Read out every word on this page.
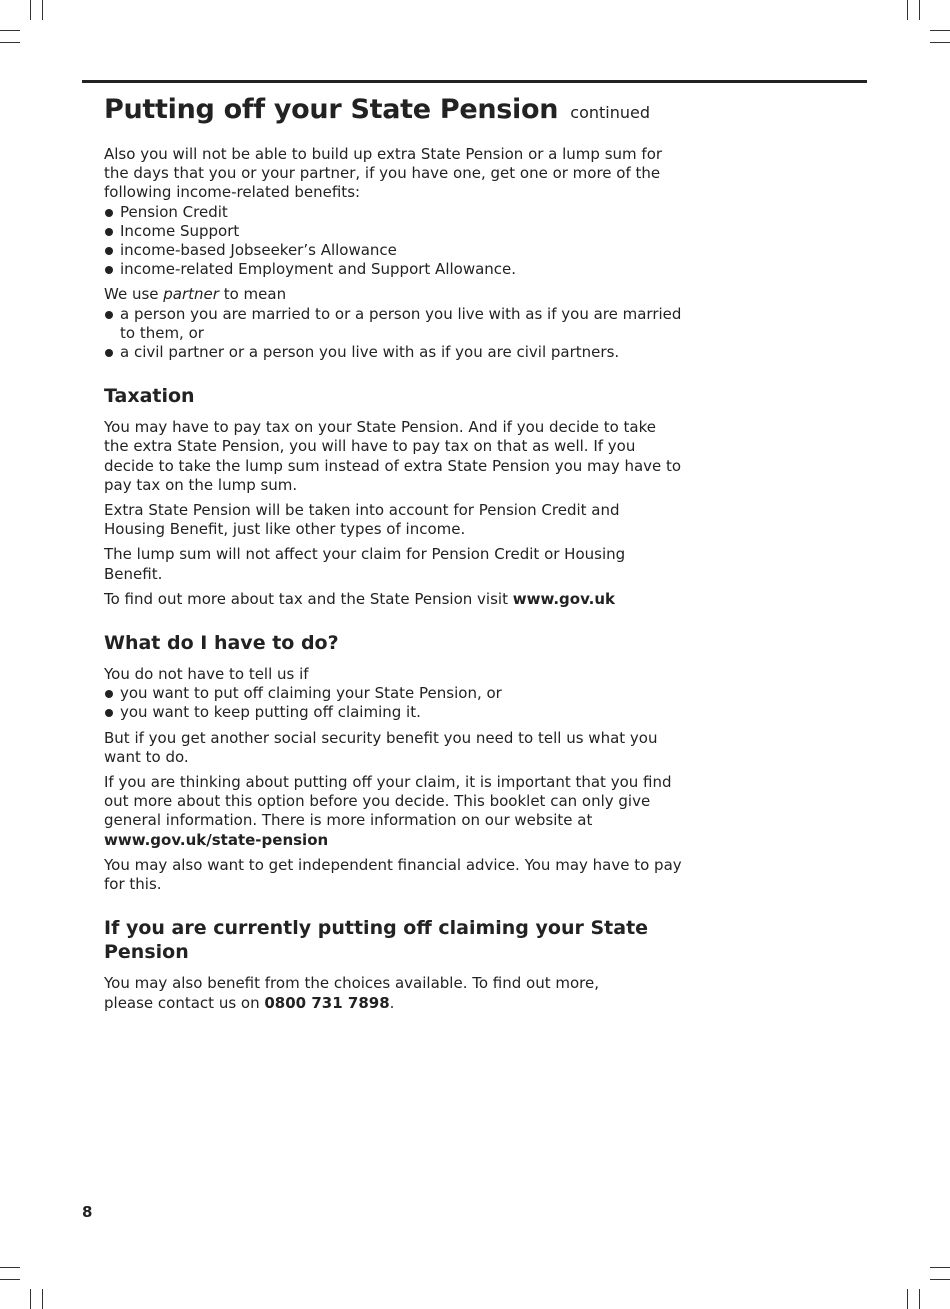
Putting off your State Pension continued

Also you will not be able to build up extra State Pension or a lump sum for the days that you or your partner, if you have one, get one or more of the following income-related benefits:

Pension Credit
Income Support
income-based Jobseeker’s Allowance
income-related Employment and Support Allowance.

We use partner to mean

a person you are married to or a person you live with as if you are married to them, or
a civil partner or a person you live with as if you are civil partners.
Taxation

You may have to pay tax on your State Pension. And if you decide to take the extra State Pension, you will have to pay tax on that as well. If you decide to take the lump sum instead of extra State Pension you may have to pay tax on the lump sum.

Extra State Pension will be taken into account for Pension Credit and Housing Benefit, just like other types of income.

The lump sum will not affect your claim for Pension Credit or Housing Benefit.

To find out more about tax and the State Pension visit www.gov.uk

What do I have to do?

You do not have to tell us if

you want to put off claiming your State Pension, or
you want to keep putting off claiming it.

But if you get another social security benefit you need to tell us what you want to do.

If you are thinking about putting off your claim, it is important that you find out more about this option before you decide. This booklet can only give general information. There is more information on our website at

www.gov.uk/state-pension

You may also want to get independent financial advice. You may have to pay for this.

If you are currently putting off claiming your State Pension

You may also benefit from the choices available. To find out more,

please contact us on 0800 731 7898.

8
